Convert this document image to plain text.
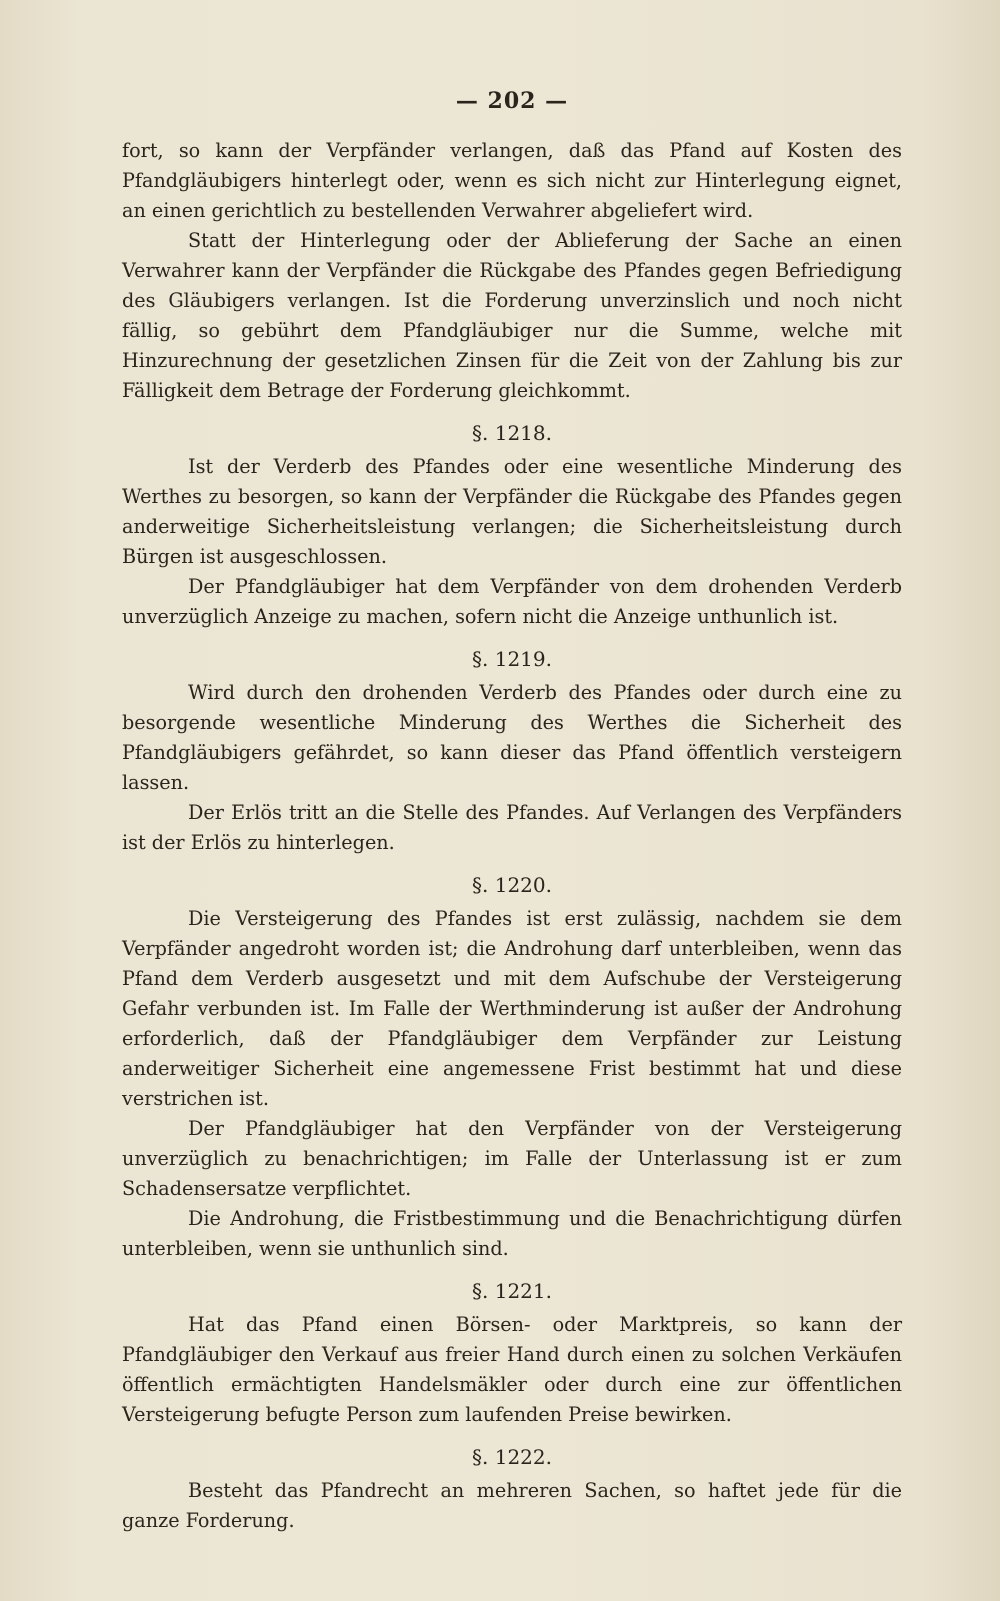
— 202 —

fort, so kann der Verpfänder verlangen, daß das Pfand auf Kosten des Pfandgläubigers hinterlegt oder, wenn es sich nicht zur Hinterlegung eignet, an einen gerichtlich zu bestellenden Verwahrer abgeliefert wird.

Statt der Hinterlegung oder der Ablieferung der Sache an einen Verwahrer kann der Verpfänder die Rückgabe des Pfandes gegen Befriedigung des Gläubigers verlangen. Ist die Forderung unverzinslich und noch nicht fällig, so gebührt dem Pfandgläubiger nur die Summe, welche mit Hinzurechnung der gesetzlichen Zinsen für die Zeit von der Zahlung bis zur Fälligkeit dem Betrage der Forderung gleichkommt.

§. 1218.

Ist der Verderb des Pfandes oder eine wesentliche Minderung des Werthes zu besorgen, so kann der Verpfänder die Rückgabe des Pfandes gegen anderweitige Sicherheitsleistung verlangen; die Sicherheitsleistung durch Bürgen ist ausgeschlossen.

Der Pfandgläubiger hat dem Verpfänder von dem drohenden Verderb unverzüglich Anzeige zu machen, sofern nicht die Anzeige unthunlich ist.

§. 1219.

Wird durch den drohenden Verderb des Pfandes oder durch eine zu besorgende wesentliche Minderung des Werthes die Sicherheit des Pfandgläubigers gefährdet, so kann dieser das Pfand öffentlich versteigern lassen.

Der Erlös tritt an die Stelle des Pfandes. Auf Verlangen des Verpfänders ist der Erlös zu hinterlegen.

§. 1220.

Die Versteigerung des Pfandes ist erst zulässig, nachdem sie dem Verpfänder angedroht worden ist; die Androhung darf unterbleiben, wenn das Pfand dem Verderb ausgesetzt und mit dem Aufschube der Versteigerung Gefahr verbunden ist. Im Falle der Werthminderung ist außer der Androhung erforderlich, daß der Pfandgläubiger dem Verpfänder zur Leistung anderweitiger Sicherheit eine angemessene Frist bestimmt hat und diese verstrichen ist.

Der Pfandgläubiger hat den Verpfänder von der Versteigerung unverzüglich zu benachrichtigen; im Falle der Unterlassung ist er zum Schadensersatze verpflichtet.

Die Androhung, die Fristbestimmung und die Benachrichtigung dürfen unterbleiben, wenn sie unthunlich sind.

§. 1221.

Hat das Pfand einen Börsen- oder Marktpreis, so kann der Pfandgläubiger den Verkauf aus freier Hand durch einen zu solchen Verkäufen öffentlich ermächtigten Handelsmäkler oder durch eine zur öffentlichen Versteigerung befugte Person zum laufenden Preise bewirken.

§. 1222.

Besteht das Pfandrecht an mehreren Sachen, so haftet jede für die ganze Forderung.
